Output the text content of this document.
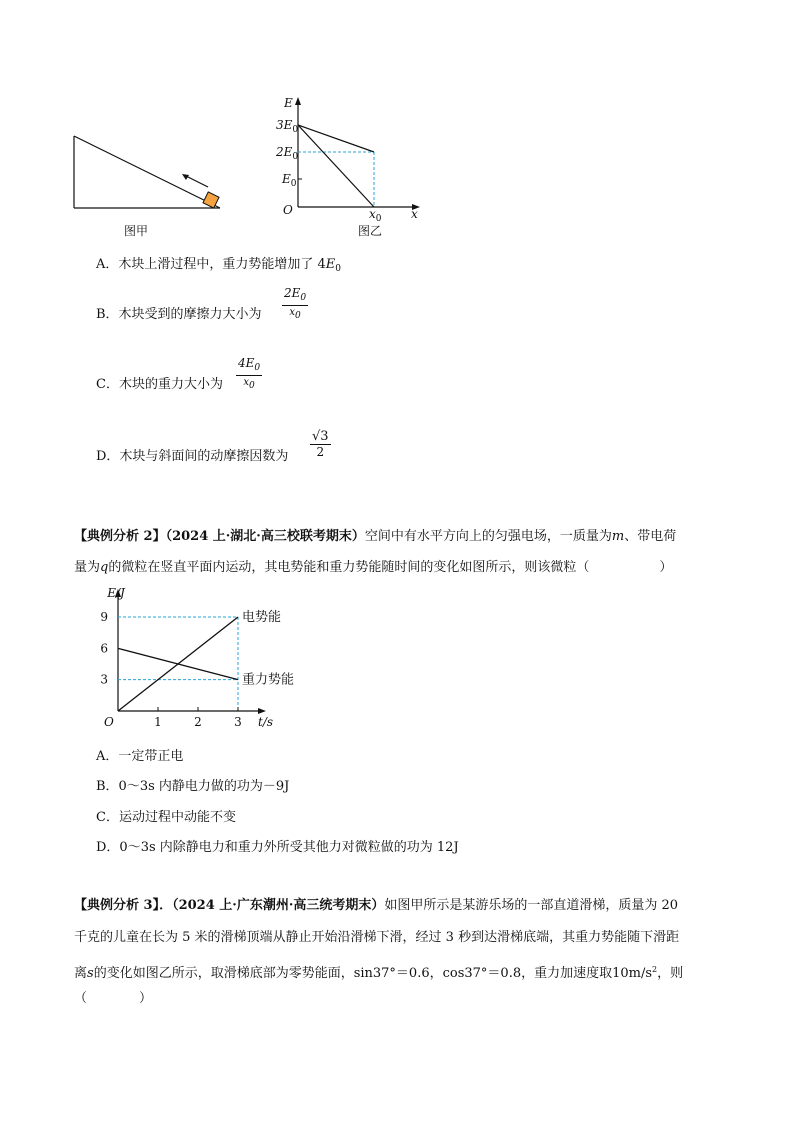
图甲
E
$3E_0$
$2E_0$
$E_0$
O	$x_0$ x
图乙
A．木块上滑过程中，重力势能增加了 $4E_0$
B．木块受到的摩擦力大小为
$2E_0$
x0
C．木块的重力大小为
$4E_0$
x0
D．木块与斜面间的动摩擦因数为 $\frac{√3}{2}$
【典例分析 2】（2024 上·湖北·高三校联考期末）空间中有水平方向上的匀强电场，一质量为m、带电荷
量为q的微粒在竖直平面内运动，其电势能和重力势能随时间的变化如图所示，则该微粒（	）
1	2	3
3
6
9	电势能
重力势能
E/J
O	t/s
A．一定带正电
B．0～3s 内静电力做的功为－9J
C．运动过程中动能不变
D．0～3s 内除静电力和重力外所受其他力对微粒做的功为 12J
【典例分析 3】．（2024 上·广东潮州·高三统考期末）如图甲所示是某游乐场的一部直道滑梯，质量为 20
千克的儿童在长为 5 米的滑梯顶端从静止开始沿滑梯下滑，经过 3 秒到达滑梯底端，其重力势能随下滑距
离s的变化如图乙所示，取滑梯底部为零势能面，sin37°＝0.6，cos37°＝0.8，重力加速度取$10m/s^2$，则
（　　　　）
